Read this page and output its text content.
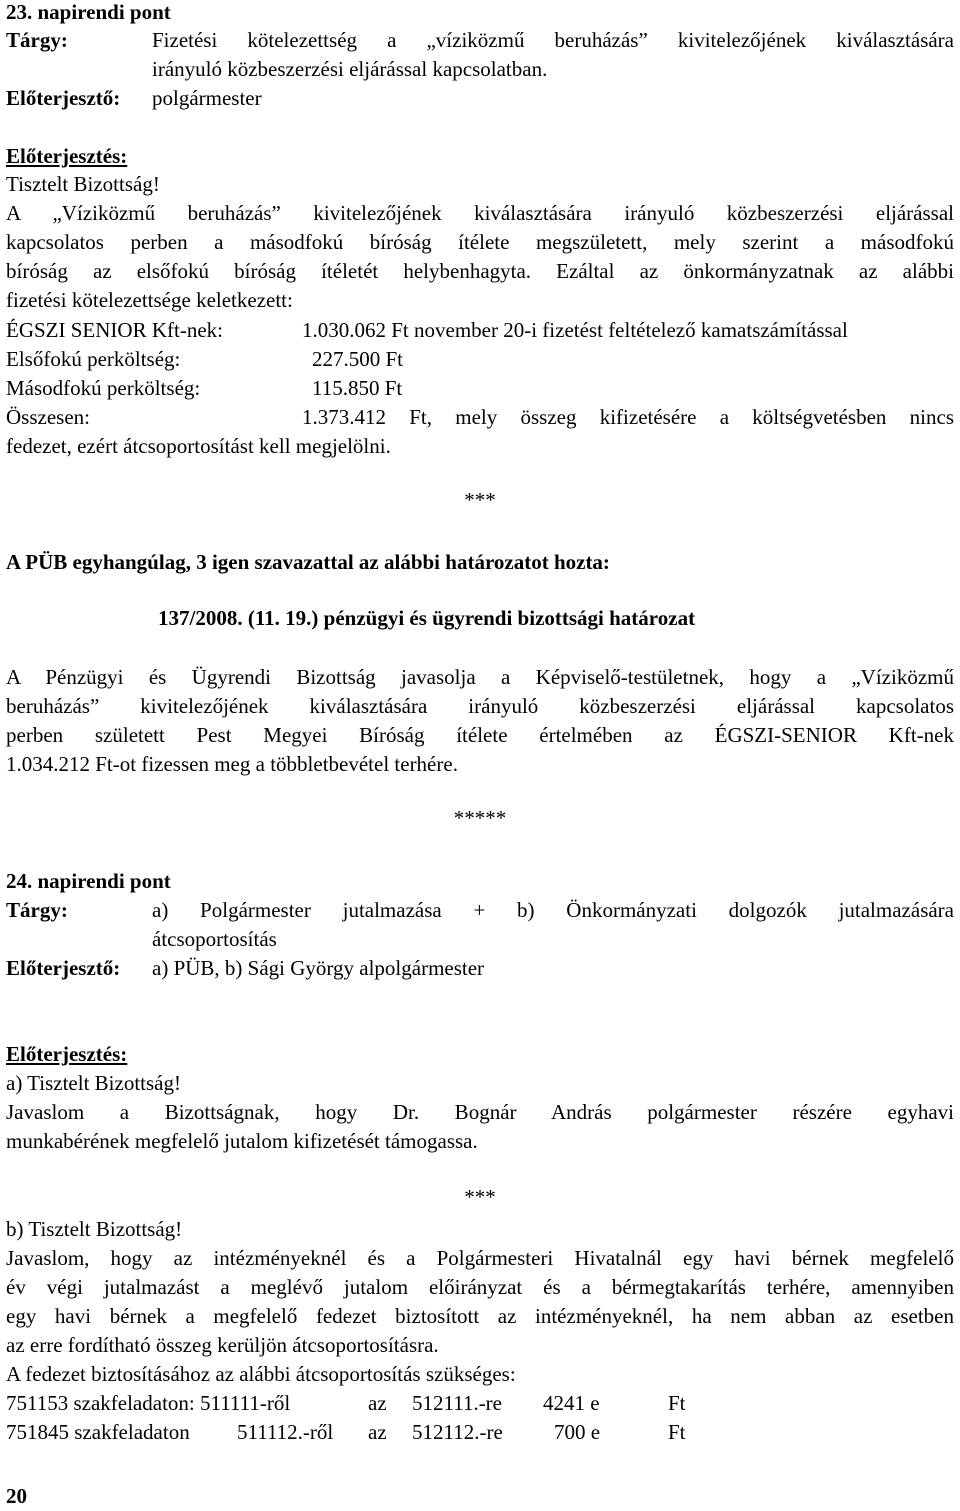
23. napirendi pont
Tárgy:	Fizetési kötelezettség a „víziközmű beruházás” kivitelezőjének kiválasztására
irányuló közbeszerzési eljárással kapcsolatban.
Előterjesztő: polgármester
Előterjesztés:
Tisztelt Bizottság!
A „Víziközmű beruházás” kivitelezőjének kiválasztására irányuló közbeszerzési eljárással
kapcsolatos perben a másodfokú bíróság ítélete megszületett, mely szerint a másodfokú
bíróság az elsőfokú bíróság ítéletét helybenhagyta. Ezáltal az önkormányzatnak az alábbi
fizetési kötelezettsége keletkezett:
ÉGSZI SENIOR Kft-nek:	1.030.062 Ft november 20-i fizetést feltételező kamatszámítással
Elsőfokú perköltség:	227.500 Ft
Másodfokú perköltség:	115.850 Ft
Összesen:	1.373.412 Ft, mely összeg kifizetésére a költségvetésben nincs
fedezet, ezért átcsoportosítást kell megjelölni.
***
A PÜB egyhangúlag, 3 igen szavazattal az alábbi határozatot hozta:
137/2008. (11. 19.) pénzügyi és ügyrendi bizottsági határozat
A Pénzügyi és Ügyrendi Bizottság javasolja a Képviselő-testületnek, hogy a „Víziközmű
beruházás” kivitelezőjének kiválasztására irányuló közbeszerzési eljárással kapcsolatos
perben született Pest Megyei Bíróság ítélete értelmében az ÉGSZI-SENIOR Kft-nek
1.034.212 Ft-ot fizessen meg a többletbevétel terhére.
*****
24. napirendi pont
Tárgy:	a) Polgármester jutalmazása + b) Önkormányzati dolgozók jutalmazására
átcsoportosítás
Előterjesztő: a) PÜB, b) Sági György alpolgármester
Előterjesztés:
a) Tisztelt Bizottság!
Javaslom a Bizottságnak, hogy Dr. Bognár András polgármester részére egyhavi
munkabérének megfelelő jutalom kifizetését támogassa.
***
b) Tisztelt Bizottság!
Javaslom, hogy az intézményeknél és a Polgármesteri Hivatalnál egy havi bérnek megfelelő
év végi jutalmazást a meglévő jutalom előirányzat és a bérmegtakarítás terhére, amennyiben
egy havi bérnek a megfelelő fedezet biztosított az intézményeknél, ha nem abban az esetben
az erre fordítható összeg kerüljön átcsoportosításra.
A fedezet biztosításához az alábbi átcsoportosítás szükséges:
751153 szakfeladaton: 511111-ről	az 512111.-re 4241 e	Ft
751845 szakfeladaton 511112.-ről az 512112.-re 700 e	Ft
20
